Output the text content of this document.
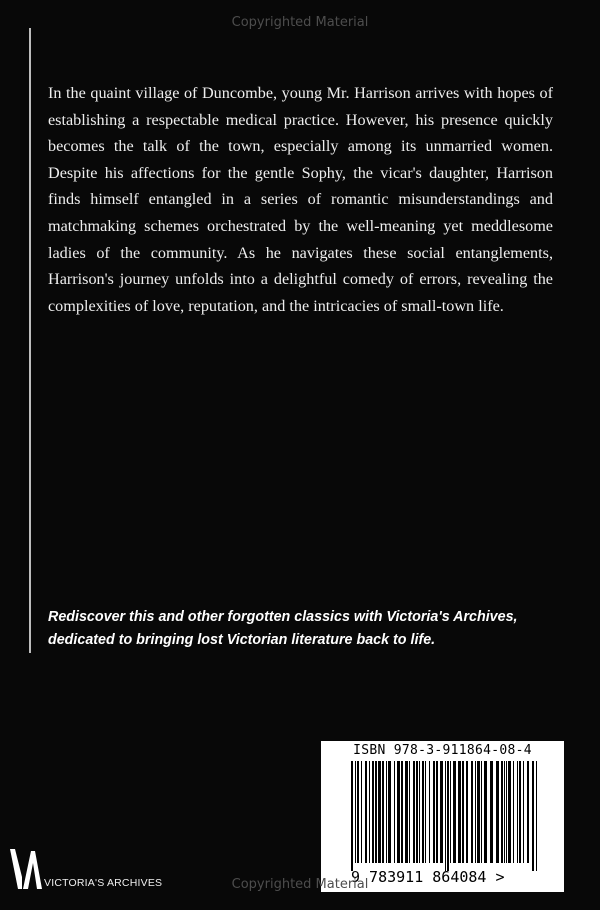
Copyrighted Material

In the quaint village of Duncombe, young Mr. Harrison arrives with hopes of establishing a respectable medical practice. However, his presence quickly becomes the talk of the town, especially among its unmarried women. Despite his affections for the gentle Sophy, the vicar's daughter, Harrison finds himself entangled in a series of romantic misunderstandings and matchmaking schemes orchestrated by the well-meaning yet meddlesome ladies of the community. As he navigates these social entanglements, Harrison's journey unfolds into a delightful comedy of errors, revealing the complexities of love, reputation, and the intricacies of small-town life.

Rediscover this and other forgotten classics with Victoria's Archives,
dedicated to bringing lost Victorian literature back to life.

ISBN 978-3-911864-08-4
9 783911 864084 >
VICTORIA'S ARCHIVES	Copyrighted Material
